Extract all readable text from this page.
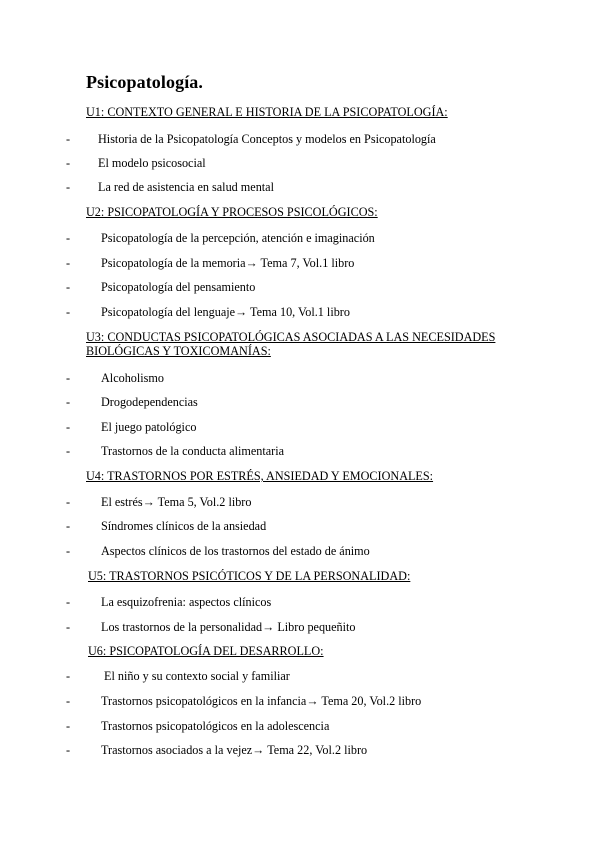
Psicopatología.
U1: CONTEXTO GENERAL E HISTORIA DE LA PSICOPATOLOGÍA:
-	Historia de la Psicopatología Conceptos y modelos en Psicopatología
-	El modelo psicosocial
-	La red de asistencia en salud mental
U2: PSICOPATOLOGÍA Y PROCESOS PSICOLÓGICOS:
-	Psicopatología de la percepción, atención e imaginación
-	Psicopatología de la memoria→ Tema 7, Vol.1 libro
-	Psicopatología del pensamiento
-	Psicopatología del lenguaje→ Tema 10, Vol.1 libro
U3: CONDUCTAS PSICOPATOLÓGICAS ASOCIADAS A LAS NECESIDADES BIOLÓGICAS Y TOXICOMANÍAS:
-	Alcoholismo
-	Drogodependencias
-	El juego patológico
-	Trastornos de la conducta alimentaria
U4: TRASTORNOS POR ESTRÉS, ANSIEDAD Y EMOCIONALES:
-	El estrés→ Tema 5, Vol.2 libro
-	Síndromes clínicos de la ansiedad
-	Aspectos clínicos de los trastornos del estado de ánimo
U5: TRASTORNOS PSICÓTICOS Y DE LA PERSONALIDAD:
-	La esquizofrenia: aspectos clínicos
-	Los trastornos de la personalidad→ Libro pequeñito
U6: PSICOPATOLOGÍA DEL DESARROLLO:
-	El niño y su contexto social y familiar
-	Trastornos psicopatológicos en la infancia→ Tema 20, Vol.2 libro
-	Trastornos psicopatológicos en la adolescencia
-	Trastornos asociados a la vejez→ Tema 22, Vol.2 libro
